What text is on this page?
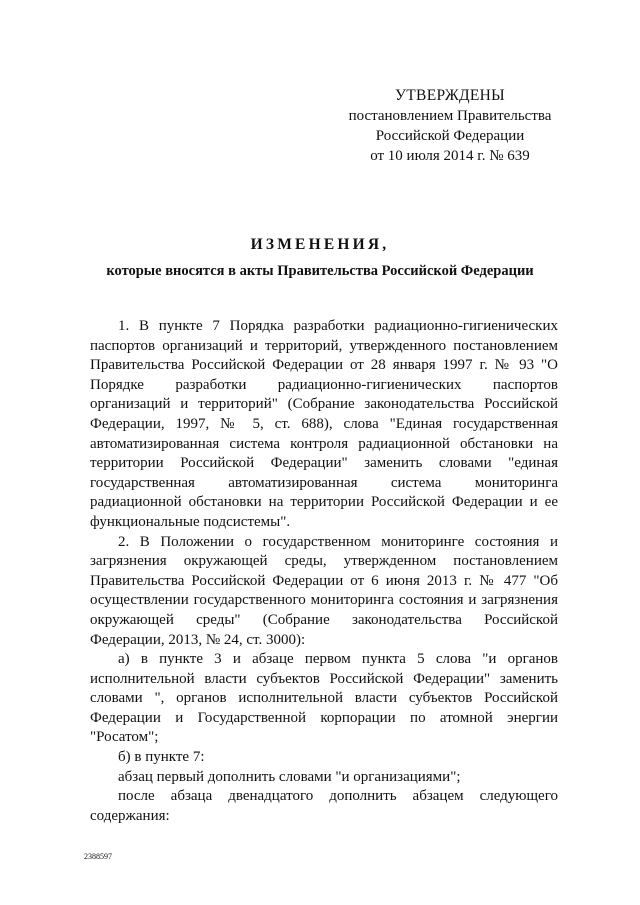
УТВЕРЖДЕНЫ
постановлением Правительства
Российской Федерации
от 10 июля 2014 г. № 639
ИЗМЕНЕНИЯ,
которые вносятся в акты Правительства Российской Федерации

1. В пункте 7 Порядка разработки радиационно-гигиенических паспортов организаций и территорий, утвержденного постановлением Правительства Российской Федерации от 28 января 1997 г. № 93 "О Порядке разработки радиационно-гигиенических паспортов организаций и территорий" (Собрание законодательства Российской Федерации, 1997, № 5, ст. 688), слова "Единая государственная автоматизированная система контроля радиационной обстановки на территории Российской Федерации" заменить словами "единая государственная автоматизированная система мониторинга радиационной обстановки на территории Российской Федерации и ее функциональные подсистемы".

2. В Положении о государственном мониторинге состояния и загрязнения окружающей среды, утвержденном постановлением Правительства Российской Федерации от 6 июня 2013 г. № 477 "Об осуществлении государственного мониторинга состояния и загрязнения окружающей среды" (Собрание законодательства Российской Федерации, 2013, № 24, ст. 3000):

а) в пункте 3 и абзаце первом пункта 5 слова "и органов исполнительной власти субъектов Российской Федерации" заменить словами ", органов исполнительной власти субъектов Российской Федерации и Государственной корпорации по атомной энергии "Росатом";

б) в пункте 7:

абзац первый дополнить словами "и организациями";

после абзаца двенадцатого дополнить абзацем следующего содержания:

2388597
